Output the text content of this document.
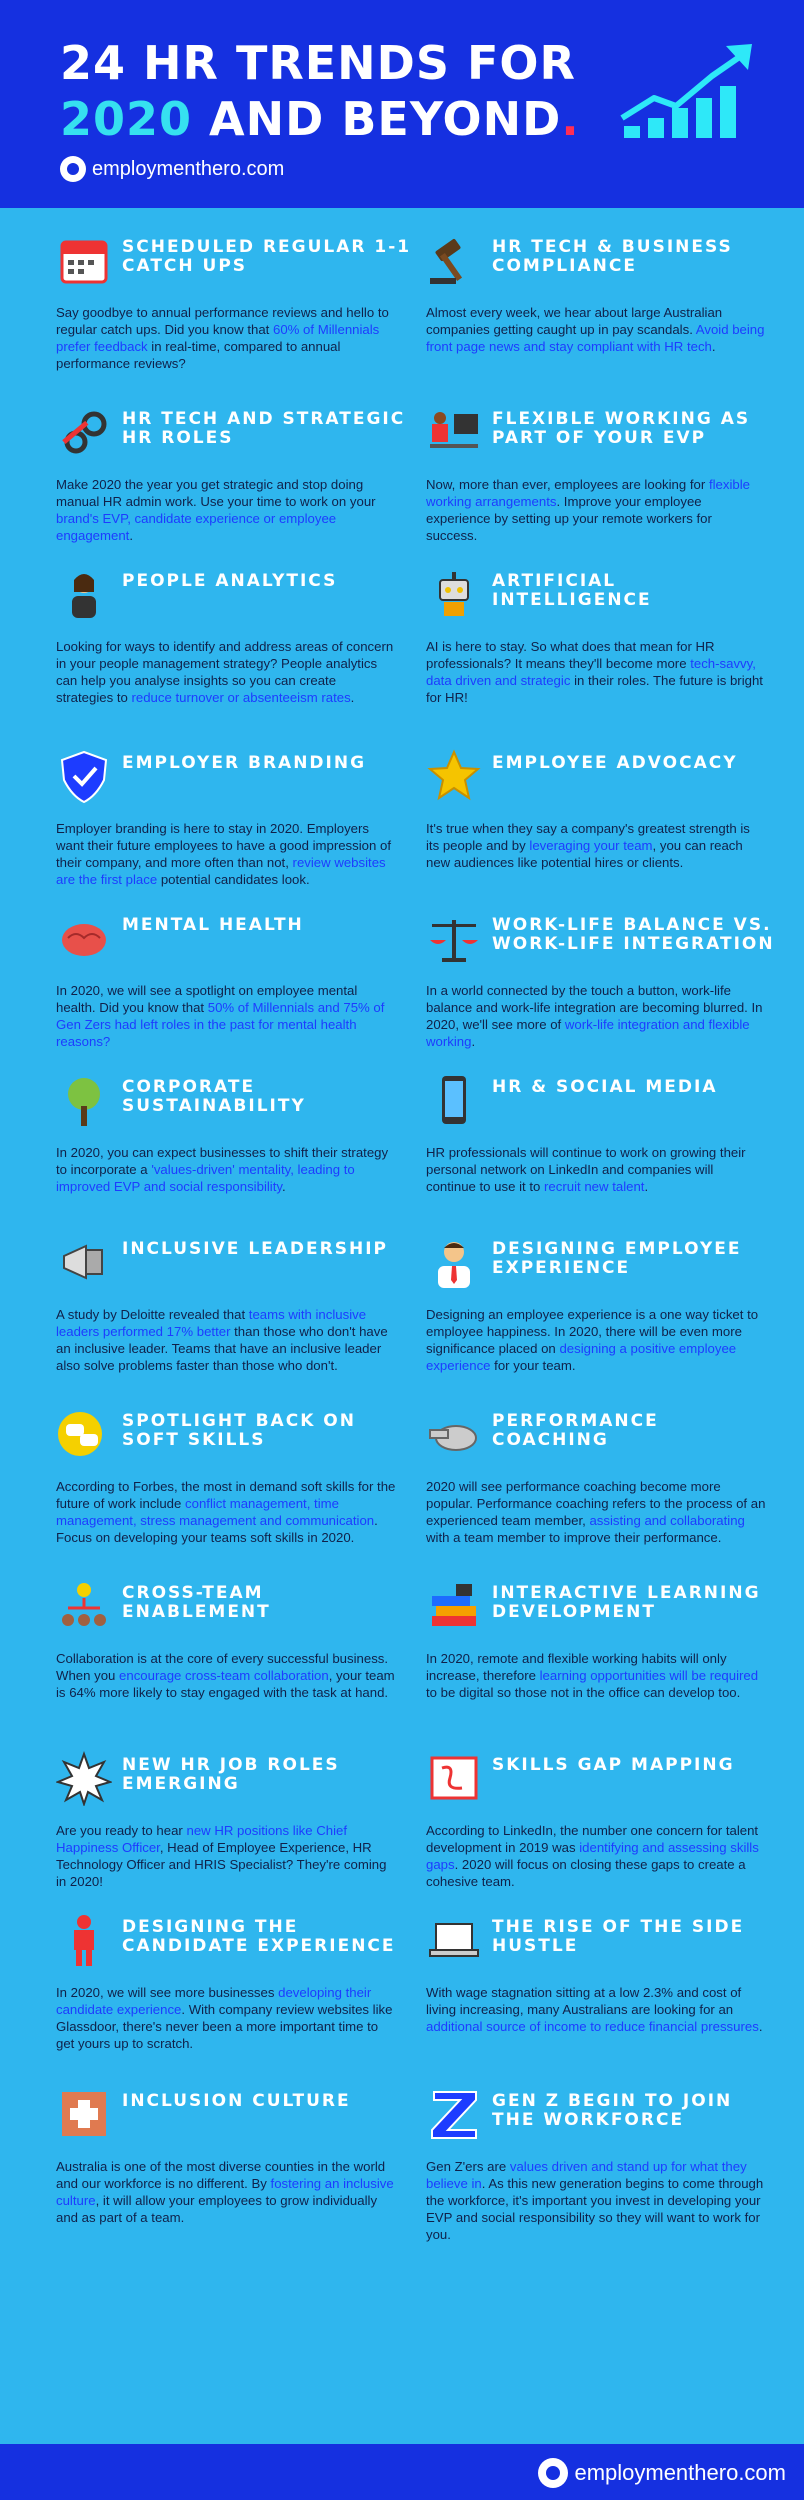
24 HR TRENDS FOR
2020 AND BEYOND.
employmenthero.com
SCHEDULED REGULAR 1-1 CATCH UPS

Say goodbye to annual performance reviews and hello to regular catch ups. Did you know that 60% of Millennials prefer feedback in real-time, compared to annual performance reviews?

HR TECH & BUSINESS COMPLIANCE

Almost every week, we hear about large Australian companies getting caught up in pay scandals. Avoid being front page news and stay compliant with HR tech.

HR TECH AND STRATEGIC HR ROLES

Make 2020 the year you get strategic and stop doing manual HR admin work. Use your time to work on your brand's EVP, candidate experience or employee engagement.

FLEXIBLE WORKING AS PART OF YOUR EVP

Now, more than ever, employees are looking for flexible working arrangements. Improve your employee experience by setting up your remote workers for success.

PEOPLE ANALYTICS

Looking for ways to identify and address areas of concern in your people management strategy? People analytics can help you analyse insights so you can create strategies to reduce turnover or absenteeism rates.

ARTIFICIAL INTELLIGENCE

AI is here to stay. So what does that mean for HR professionals? It means they'll become more tech-savvy, data driven and strategic in their roles. The future is bright for HR!

EMPLOYER BRANDING

Employer branding is here to stay in 2020. Employers want their future employees to have a good impression of their company, and more often than not, review websites are the first place potential candidates look.

EMPLOYEE ADVOCACY

It's true when they say a company's greatest strength is its people and by leveraging your team, you can reach new audiences like potential hires or clients.

MENTAL HEALTH

In 2020, we will see a spotlight on employee mental health. Did you know that 50% of Millennials and 75% of Gen Zers had left roles in the past for mental health reasons?

WORK-LIFE BALANCE VS. WORK-LIFE INTEGRATION

In a world connected by the touch a button, work-life balance and work-life integration are becoming blurred. In 2020, we'll see more of work-life integration and flexible working.

CORPORATE SUSTAINABILITY

In 2020, you can expect businesses to shift their strategy to incorporate a 'values-driven' mentality, leading to improved EVP and social responsibility.

HR & SOCIAL MEDIA

HR professionals will continue to work on growing their personal network on LinkedIn and companies will continue to use it to recruit new talent.

INCLUSIVE LEADERSHIP

A study by Deloitte revealed that teams with inclusive leaders performed 17% better than those who don't have an inclusive leader. Teams that have an inclusive leader also solve problems faster than those who don't.

DESIGNING EMPLOYEE EXPERIENCE

Designing an employee experience is a one way ticket to employee happiness. In 2020, there will be even more significance placed on designing a positive employee experience for your team.

SPOTLIGHT BACK ON SOFT SKILLS

According to Forbes, the most in demand soft skills for the future of work include conflict management, time management, stress management and communication. Focus on developing your teams soft skills in 2020.

PERFORMANCE COACHING

2020 will see performance coaching become more popular. Performance coaching refers to the process of an experienced team member, assisting and collaborating with a team member to improve their performance.

CROSS-TEAM ENABLEMENT

Collaboration is at the core of every successful business. When you encourage cross-team collaboration, your team is 64% more likely to stay engaged with the task at hand.

INTERACTIVE LEARNING DEVELOPMENT

In 2020, remote and flexible working habits will only increase, therefore learning opportunities will be required to be digital so those not in the office can develop too.

NEW HR JOB ROLES EMERGING

Are you ready to hear new HR positions like Chief Happiness Officer, Head of Employee Experience, HR Technology Officer and HRIS Specialist? They're coming in 2020!

SKILLS GAP MAPPING

According to LinkedIn, the number one concern for talent development in 2019 was identifying and assessing skills gaps. 2020 will focus on closing these gaps to create a cohesive team.

DESIGNING THE CANDIDATE EXPERIENCE

In 2020, we will see more businesses developing their candidate experience. With company review websites like Glassdoor, there's never been a more important time to get yours up to scratch.

THE RISE OF THE SIDE HUSTLE

With wage stagnation sitting at a low 2.3% and cost of living increasing, many Australians are looking for an additional source of income to reduce financial pressures.

INCLUSION CULTURE

Australia is one of the most diverse counties in the world and our workforce is no different. By fostering an inclusive culture, it will allow your employees to grow individually and as part of a team.

GEN Z BEGIN TO JOIN THE WORKFORCE

Gen Z'ers are values driven and stand up for what they believe in. As this new generation begins to come through the workforce, it's important you invest in developing your EVP and social responsibility so they will want to work for you.

employmenthero.com
